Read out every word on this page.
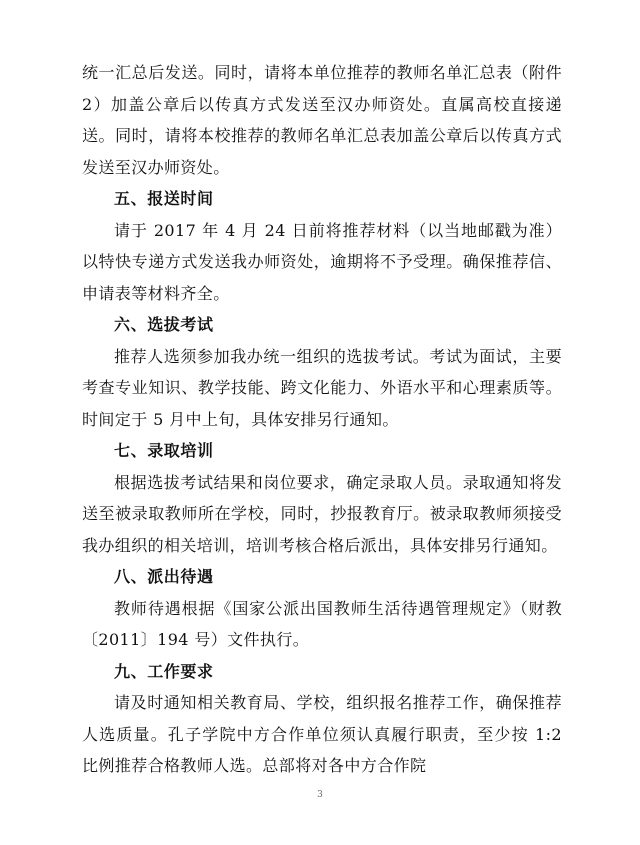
统一汇总后发送。同时，请将本单位推荐的教师名单汇总表（附件 2）加盖公章后以传真方式发送至汉办师资处。直属高校直接递送。同时，请将本校推荐的教师名单汇总表加盖公章后以传真方式发送至汉办师资处。

五、报送时间

请于 2017 年 4 月 24 日前将推荐材料（以当地邮戳为准）以特快专递方式发送我办师资处，逾期将不予受理。确保推荐信、申请表等材料齐全。

六、选拔考试

推荐人选须参加我办统一组织的选拔考试。考试为面试，主要考查专业知识、教学技能、跨文化能力、外语水平和心理素质等。时间定于 5 月中上旬，具体安排另行通知。

七、录取培训

根据选拔考试结果和岗位要求，确定录取人员。录取通知将发送至被录取教师所在学校，同时，抄报教育厅。被录取教师须接受我办组织的相关培训，培训考核合格后派出，具体安排另行通知。

八、派出待遇

教师待遇根据《国家公派出国教师生活待遇管理规定》（财教〔2011〕194 号）文件执行。

九、工作要求

请及时通知相关教育局、学校，组织报名推荐工作，确保推荐人选质量。孔子学院中方合作单位须认真履行职责，至少按 1:2 比例推荐合格教师人选。总部将对各中方合作院

3
